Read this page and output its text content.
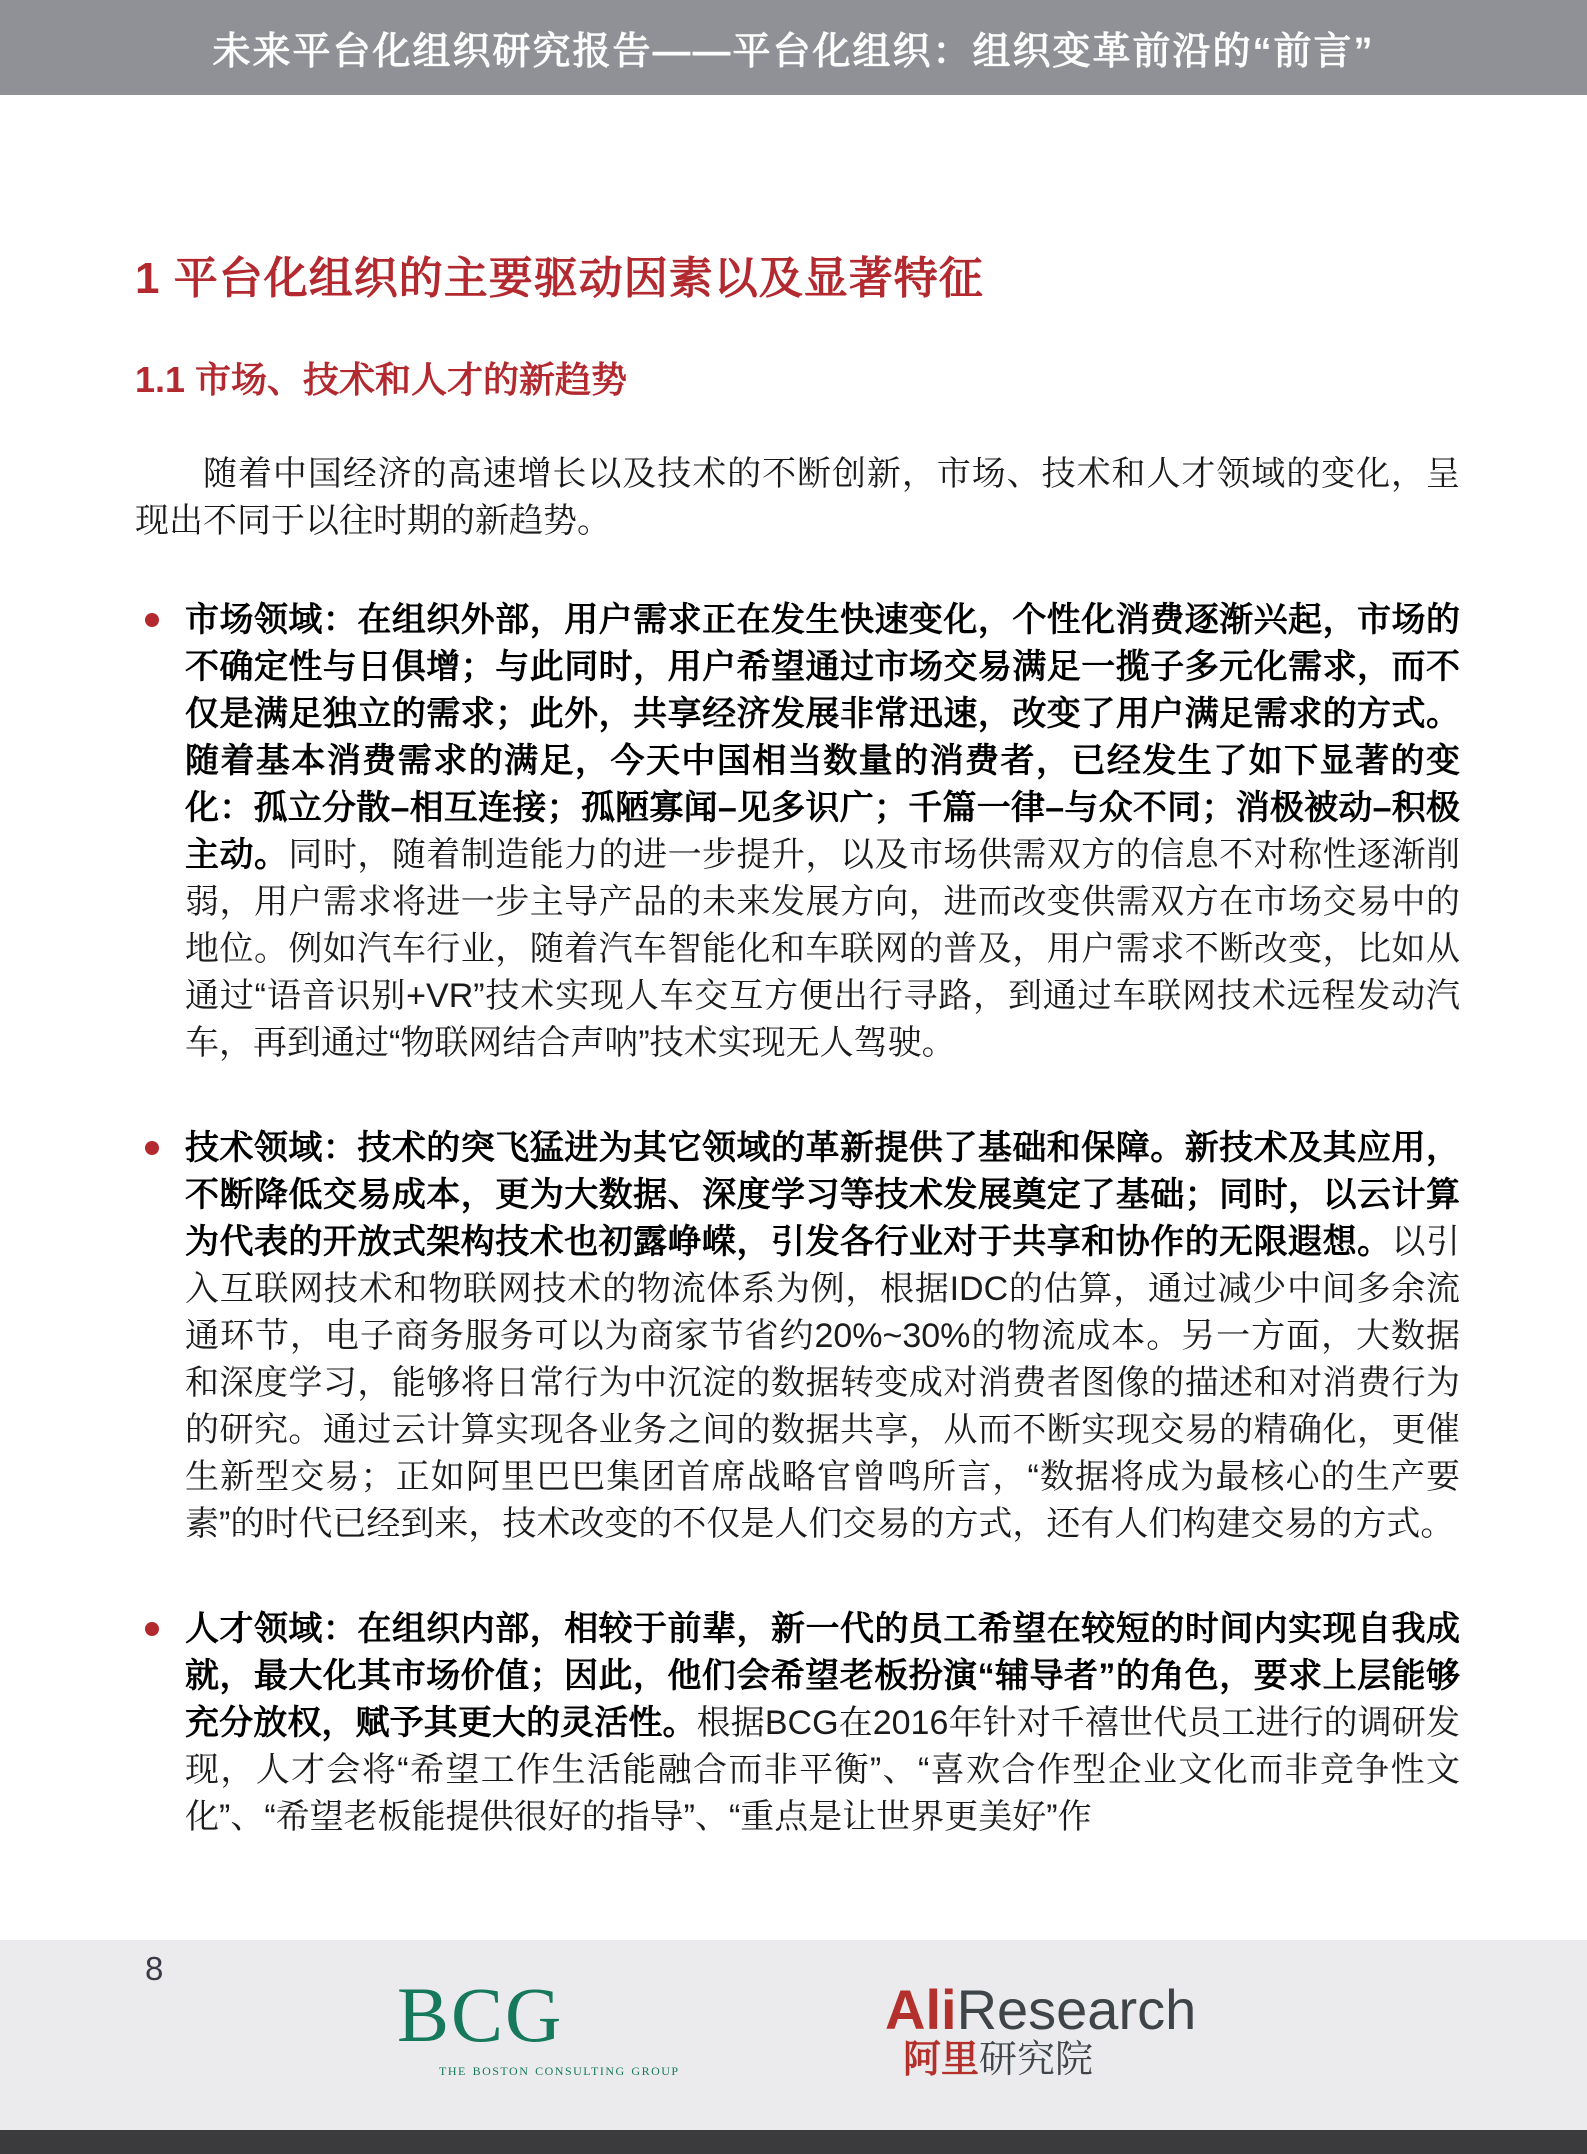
未来平台化组织研究报告——平台化组织：组织变革前沿的“前言”
1 平台化组织的主要驱动因素以及显著特征
1.1 市场、技术和人才的新趋势

随着中国经济的高速增长以及技术的不断创新，市场、技术和人才领域的变化，呈现出不同于以往时期的新趋势。

市场领域：在组织外部，用户需求正在发生快速变化，个性化消费逐渐兴起，市场的不确定性与日俱增；与此同时，用户希望通过市场交易满足一揽子多元化需求，而不仅是满足独立的需求；此外，共享经济发展非常迅速，改变了用户满足需求的方式。随着基本消费需求的满足，今天中国相当数量的消费者，已经发生了如下显著的变化：孤立分散–相互连接；孤陋寡闻–见多识广；千篇一律–与众不同；消极被动–积极主动。同时，随着制造能力的进一步提升，以及市场供需双方的信息不对称性逐渐削弱，用户需求将进一步主导产品的未来发展方向，进而改变供需双方在市场交易中的地位。例如汽车行业，随着汽车智能化和车联网的普及，用户需求不断改变，比如从通过“语音识别+VR”技术实现人车交互方便出行寻路，到通过车联网技术远程发动汽车，再到通过“物联网结合声呐”技术实现无人驾驶。
技术领域：技术的突飞猛进为其它领域的革新提供了基础和保障。新技术及其应用，不断降低交易成本，更为大数据、深度学习等技术发展奠定了基础；同时，以云计算为代表的开放式架构技术也初露峥嵘，引发各行业对于共享和协作的无限遐想。以引入互联网技术和物联网技术的物流体系为例，根据IDC的估算，通过减少中间多余流通环节，电子商务服务可以为商家节省约20%~30%的物流成本。另一方面，大数据和深度学习，能够将日常行为中沉淀的数据转变成对消费者图像的描述和对消费行为的研究。通过云计算实现各业务之间的数据共享，从而不断实现交易的精确化，更催生新型交易；正如阿里巴巴集团首席战略官曾鸣所言，“数据将成为最核心的生产要素”的时代已经到来，技术改变的不仅是人们交易的方式，还有人们构建交易的方式。
人才领域：在组织内部，相较于前辈，新一代的员工希望在较短的时间内实现自我成就，最大化其市场价值；因此，他们会希望老板扮演“辅导者”的角色，要求上层能够充分放权，赋予其更大的灵活性。根据BCG在2016年针对千禧世代员工进行的调研发现，人才会将“希望工作生活能融合而非平衡”、“喜欢合作型企业文化而非竞争性文化”、“希望老板能提供很好的指导”、“重点是让世界更美好”作
8
BCG
the boston consulting group
AliResearch
阿里研究院
